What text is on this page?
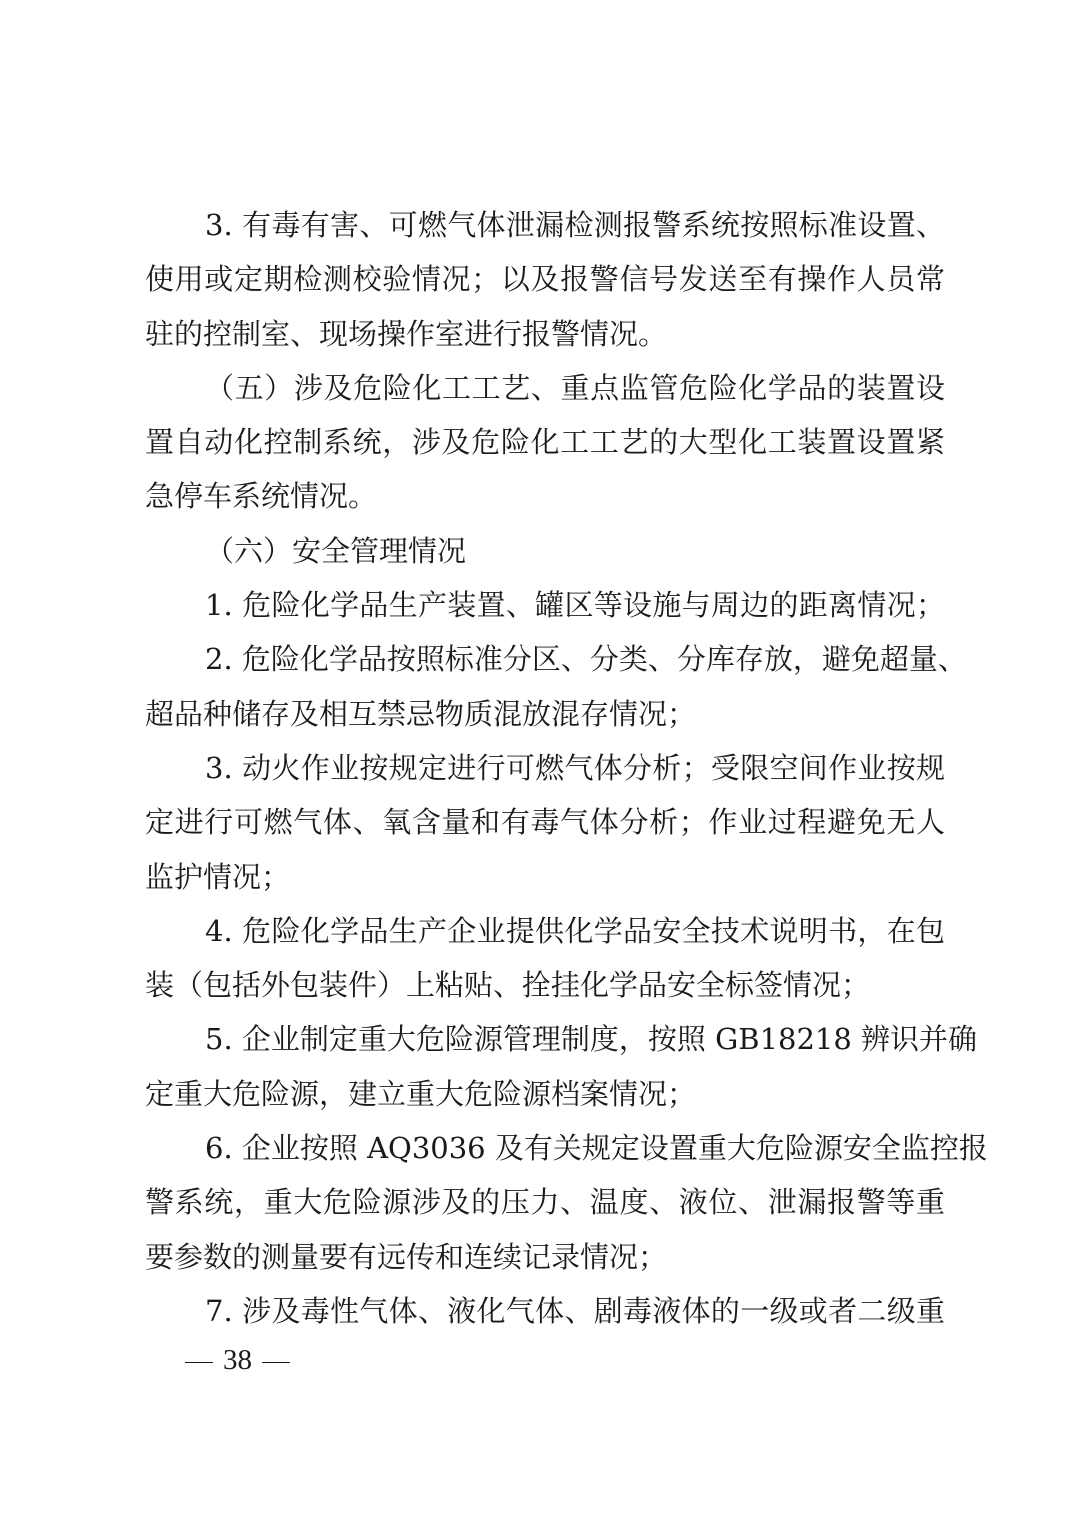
3. 有毒有害、可燃气体泄漏检测报警系统按照标准设置、
使用或定期检测校验情况；以及报警信号发送至有操作人员常
驻的控制室、现场操作室进行报警情况。
（五）涉及危险化工工艺、重点监管危险化学品的装置设
置自动化控制系统，涉及危险化工工艺的大型化工装置设置紧
急停车系统情况。
（六）安全管理情况
1. 危险化学品生产装置、罐区等设施与周边的距离情况；
2. 危险化学品按照标准分区、分类、分库存放，避免超量、
超品种储存及相互禁忌物质混放混存情况；
3. 动火作业按规定进行可燃气体分析；受限空间作业按规
定进行可燃气体、氧含量和有毒气体分析；作业过程避免无人
监护情况；
4. 危险化学品生产企业提供化学品安全技术说明书，在包
装（包括外包装件）上粘贴、拴挂化学品安全标签情况；
5. 企业制定重大危险源管理制度，按照 GB18218 辨识并确
定重大危险源，建立重大危险源档案情况；
6. 企业按照 AQ3036 及有关规定设置重大危险源安全监控报
警系统，重大危险源涉及的压力、温度、液位、泄漏报警等重
要参数的测量要有远传和连续记录情况；
7. 涉及毒性气体、液化气体、剧毒液体的一级或者二级重
38
